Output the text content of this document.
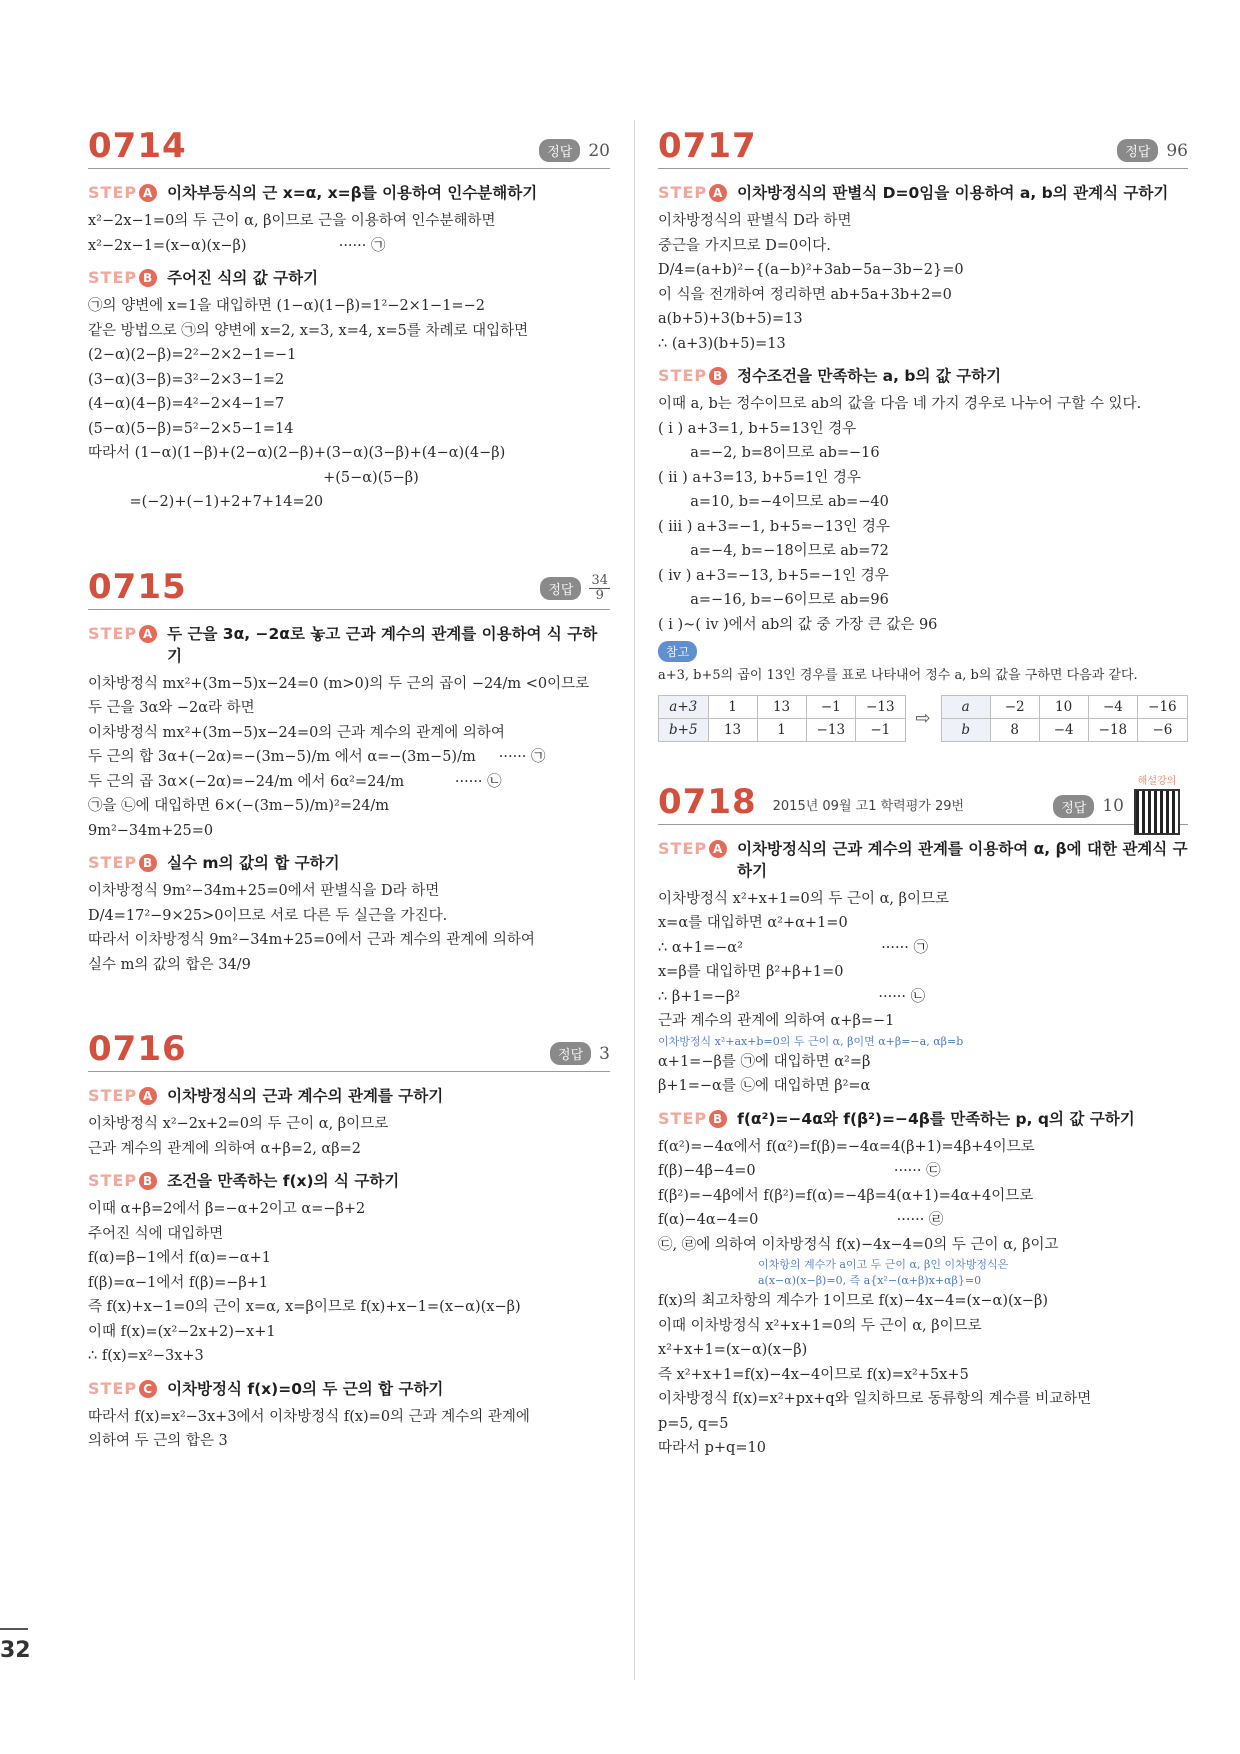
0714	정답 20
STEP A 이차부등식의 근 x=α, x=β를 이용하여 인수분해하기
x²−2x−1=0의 두 근이 α, β이므로 근을 이용하여 인수분해하면
x²−2x−1=(x−α)(x−β)                    ······ ㉠
STEP B 주어진 식의 값 구하기
㉠의 양변에 x=1을 대입하면 (1−α)(1−β)=1²−2×1−1=−2
같은 방법으로 ㉠의 양변에 x=2, x=3, x=4, x=5를 차례로 대입하면
(2−α)(2−β)=2²−2×2−1=−1
(3−α)(3−β)=3²−2×3−1=2
(4−α)(4−β)=4²−2×4−1=7
(5−α)(5−β)=5²−2×5−1=14
따라서 (1−α)(1−β)+(2−α)(2−β)+(3−α)(3−β)+(4−α)(4−β)
+(5−α)(5−β)
=(−2)+(−1)+2+7+14=20
0715	정답	$\frac{34}{9}$
STEP A 두 근을 3α, −2α로 놓고 근과 계수의 관계를 이용하여 식 구하기
이차방정식 mx²+(3m−5)x−24=0 (m>0)의 두 근의 곱이 −24/m <0이므로
두 근을 3α와 −2α라 하면
이차방정식 mx²+(3m−5)x−24=0의 근과 계수의 관계에 의하여
두 근의 합 3α+(−2α)=−(3m−5)/m 에서 α=−(3m−5)/m     ······ ㉠
두 근의 곱 3α×(−2α)=−24/m 에서 6α²=24/m           ······ ㉡
㉠을 ㉡에 대입하면 6×(−(3m−5)/m)²=24/m
9m²−34m+25=0
STEP B 실수 m의 값의 합 구하기
이차방정식 9m²−34m+25=0에서 판별식을 D라 하면
D/4=17²−9×25>0이므로 서로 다른 두 실근을 가진다.
따라서 이차방정식 9m²−34m+25=0에서 근과 계수의 관계에 의하여
실수 m의 값의 합은 34/9
0716	정답 3
STEP A 이차방정식의 근과 계수의 관계를 구하기
이차방정식 x²−2x+2=0의 두 근이 α, β이므로
근과 계수의 관계에 의하여 α+β=2, αβ=2
STEP B 조건을 만족하는 f(x)의 식 구하기
이때 α+β=2에서 β=−α+2이고 α=−β+2
주어진 식에 대입하면
f(α)=β−1에서 f(α)=−α+1
f(β)=α−1에서 f(β)=−β+1
즉 f(x)+x−1=0의 근이 x=α, x=β이므로 f(x)+x−1=(x−α)(x−β)
이때 f(x)=(x²−2x+2)−x+1
∴ f(x)=x²−3x+3
STEP C 이차방정식 f(x)=0의 두 근의 합 구하기
따라서 f(x)=x²−3x+3에서 이차방정식 f(x)=0의 근과 계수의 관계에
의하여 두 근의 합은 3
0717	정답 96
STEP A 이차방정식의 판별식 D=0임을 이용하여 a, b의 관계식 구하기
이차방정식의 판별식 D라 하면
중근을 가지므로 D=0이다.
D/4=(a+b)²−{(a−b)²+3ab−5a−3b−2}=0
이 식을 전개하여 정리하면 ab+5a+3b+2=0
a(b+5)+3(b+5)=13
∴ (a+3)(b+5)=13
STEP B 정수조건을 만족하는 a, b의 값 구하기
이때 a, b는 정수이므로 ab의 값을 다음 네 가지 경우로 나누어 구할 수 있다.
( i ) a+3=1, b+5=13인 경우
a=−2, b=8이므로 ab=−16
( ii ) a+3=13, b+5=1인 경우
a=10, b=−4이므로 ab=−40
( iii ) a+3=−1, b+5=−13인 경우
a=−4, b=−18이므로 ab=72
( iv ) a+3=−13, b+5=−1인 경우
a=−16, b=−6이므로 ab=96
( i )~( iv )에서 ab의 값 중 가장 큰 값은 96
참고
a+3, b+5의 곱이 13인 경우를 표로 나타내어 정수 a, b의 값을 구하면 다음과 같다.
a+3	1	13	−1	−13
b+5	13	1	−13	−1
⇨
a	−2	10	−4	−16
b	8	−4	−18	−6
해설강의
0718 2015년 09월 고1 학력평가 29번	정답 10
STEP A 이차방정식의 근과 계수의 관계를 이용하여 α, β에 대한 관계식 구하기
이차방정식 x²+x+1=0의 두 근이 α, β이므로
x=α를 대입하면 α²+α+1=0
∴ α+1=−α²                              ······ ㉠
x=β를 대입하면 β²+β+1=0
∴ β+1=−β²                              ······ ㉡
근과 계수의 관계에 의하여 α+β=−1
이차방정식 x²+ax+b=0의 두 근이 α, β이면 α+β=−a, αβ=b
α+1=−β를 ㉠에 대입하면 α²=β
β+1=−α를 ㉡에 대입하면 β²=α
STEP B f(α²)=−4α와 f(β²)=−4β를 만족하는 p, q의 값 구하기
f(α²)=−4α에서 f(α²)=f(β)=−4α=4(β+1)=4β+4이므로
f(β)−4β−4=0                              ······ ㉢
f(β²)=−4β에서 f(β²)=f(α)=−4β=4(α+1)=4α+4이므로
f(α)−4α−4=0                              ······ ㉣
㉢, ㉣에 의하여 이차방정식 f(x)−4x−4=0의 두 근이 α, β이고
이차항의 계수가 a이고 두 근이 α, β인 이차방정식은
a(x−α)(x−β)=0, 즉 a{x²−(α+β)x+αβ}=0
f(x)의 최고차항의 계수가 1이므로 f(x)−4x−4=(x−α)(x−β)
이때 이차방정식 x²+x+1=0의 두 근이 α, β이므로
x²+x+1=(x−α)(x−β)
즉 x²+x+1=f(x)−4x−4이므로 f(x)=x²+5x+5
이차방정식 f(x)=x²+px+q와 일치하므로 동류항의 계수를 비교하면
p=5, q=5
따라서 p+q=10
32
